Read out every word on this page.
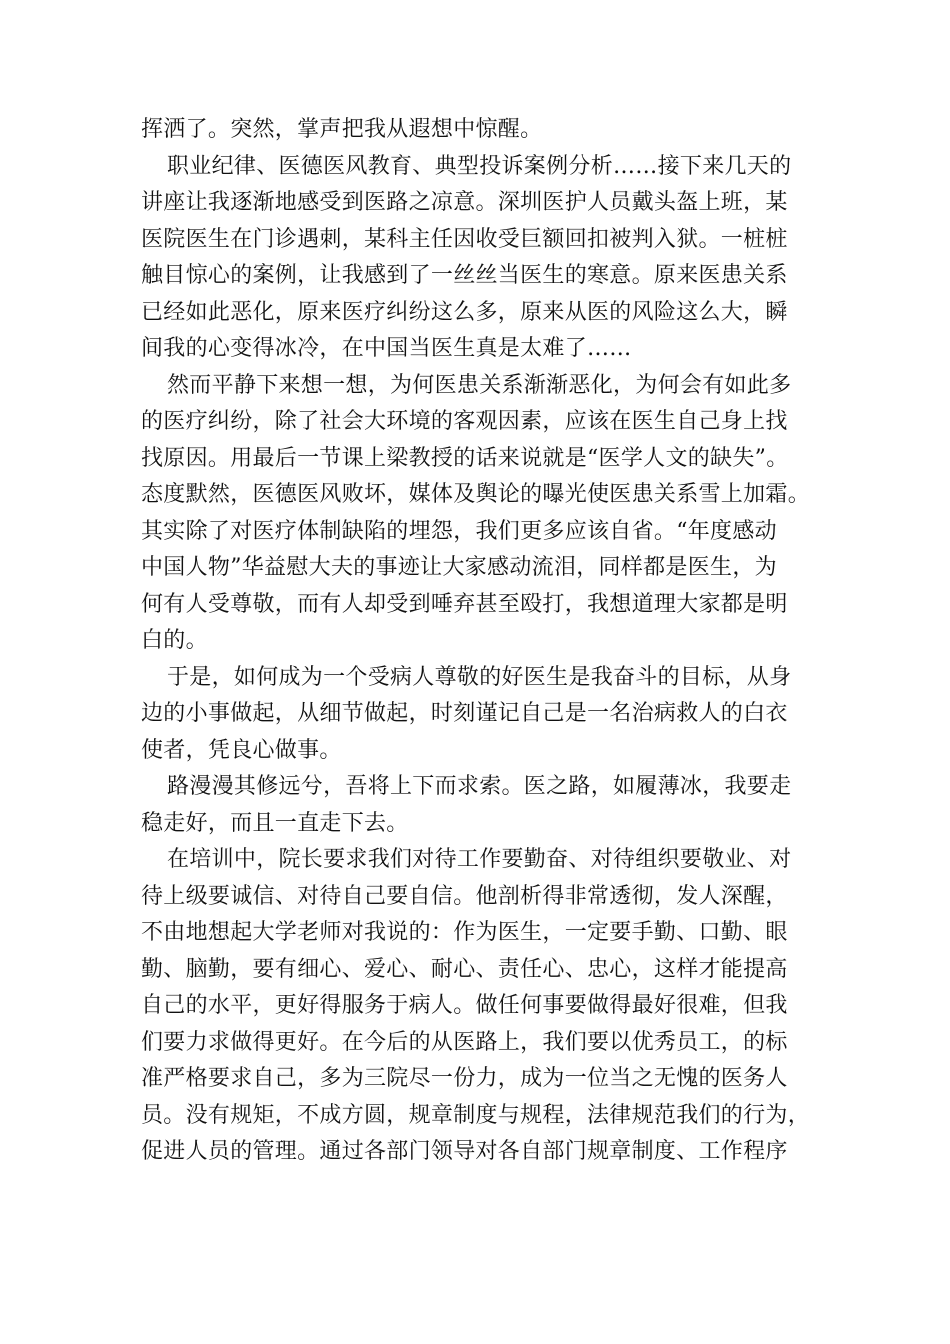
挥洒了。突然，掌声把我从遐想中惊醒。
职业纪律、医德医风教育、典型投诉案例分析……接下来几天的
讲座让我逐渐地感受到医路之凉意。深圳医护人员戴头盔上班，某
医院医生在门诊遇刺，某科主任因收受巨额回扣被判入狱。一桩桩
触目惊心的案例，让我感到了一丝丝当医生的寒意。原来医患关系
已经如此恶化，原来医疗纠纷这么多，原来从医的风险这么大，瞬
间我的心变得冰冷，在中国当医生真是太难了……
然而平静下来想一想，为何医患关系渐渐恶化，为何会有如此多
的医疗纠纷，除了社会大环境的客观因素，应该在医生自己身上找
找原因。用最后一节课上梁教授的话来说就是“医学人文的缺失”。
态度默然，医德医风败坏，媒体及舆论的曝光使医患关系雪上加霜。
其实除了对医疗体制缺陷的埋怨，我们更多应该自省。“年度感动
中国人物”华益慰大夫的事迹让大家感动流泪，同样都是医生，为
何有人受尊敬，而有人却受到唾弃甚至殴打，我想道理大家都是明
白的。
于是，如何成为一个受病人尊敬的好医生是我奋斗的目标，从身
边的小事做起，从细节做起，时刻谨记自己是一名治病救人的白衣
使者，凭良心做事。
路漫漫其修远兮，吾将上下而求索。医之路，如履薄冰，我要走
稳走好，而且一直走下去。
在培训中，院长要求我们对待工作要勤奋、对待组织要敬业、对
待上级要诚信、对待自己要自信。他剖析得非常透彻，发人深醒，
不由地想起大学老师对我说的：作为医生，一定要手勤、口勤、眼
勤、脑勤，要有细心、爱心、耐心、责任心、忠心，这样才能提高
自己的水平，更好得服务于病人。做任何事要做得最好很难，但我
们要力求做得更好。在今后的从医路上，我们要以优秀员工，的标
准严格要求自己，多为三院尽一份力，成为一位当之无愧的医务人
员。没有规矩，不成方圆，规章制度与规程，法律规范我们的行为，
促进人员的管理。通过各部门领导对各自部门规章制度、工作程序
